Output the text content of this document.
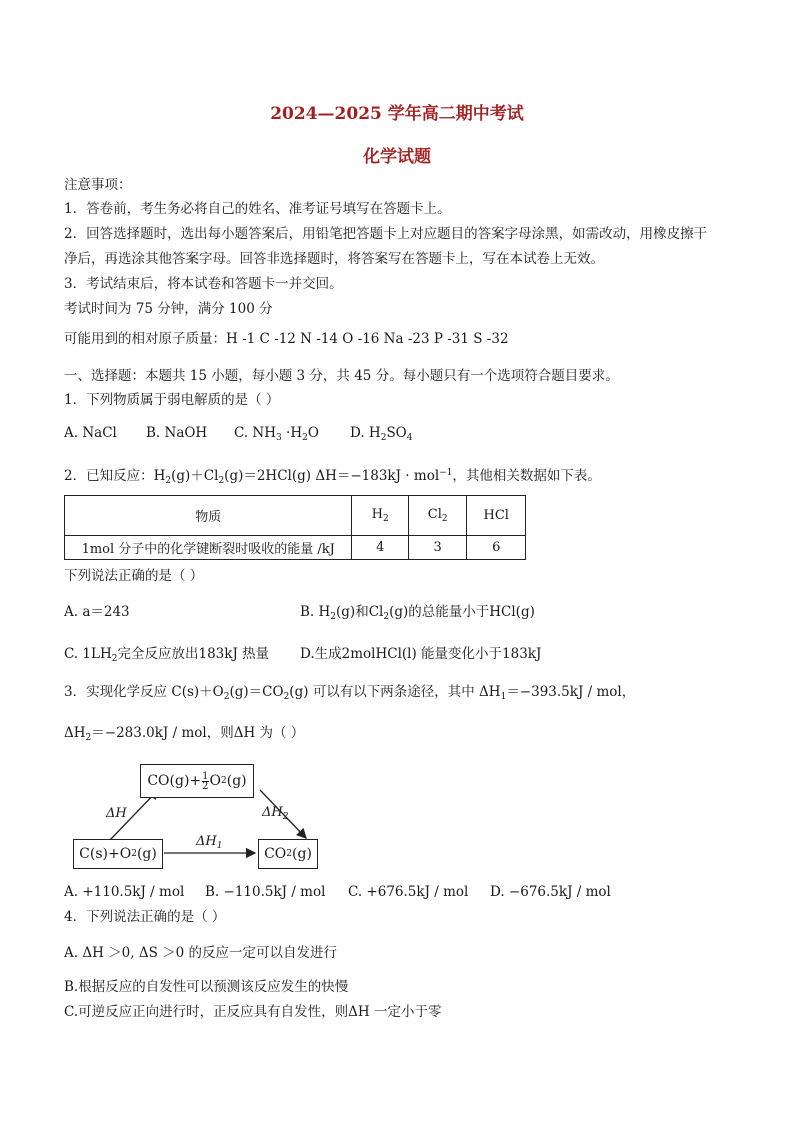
2024—2025 学年高二期中考试
化学试题
注意事项：
1．答卷前，考生务必将自己的姓名、准考证号填写在答题卡上。
2．回答选择题时，选出每小题答案后，用铅笔把答题卡上对应题目的答案字母涂黑，如需改动，用橡皮擦干
净后，再选涂其他答案字母。回答非选择题时，将答案写在答题卡上，写在本试卷上无效。
3．考试结束后，将本试卷和答题卡一并交回。
考试时间为 75 分钟，满分 100 分
可能用到的相对原子质量：H -1 C -12 N -14 O -16 Na -23 P -31 S -32
一、选择题：本题共 15 小题，每小题 3 分，共 45 分。每小题只有一个选项符合题目要求。
1．下列物质属于弱电解质的是（ ）
A. NaCl B. NaOH C. $NH_3 \cdot H_2O$ D. $H_2SO_4$
2．已知反应：$H_2(g)+Cl_2(g)=2HCl(g) \Delta H=-183kJ \cdot mol^{-1}$，其他相关数据如下表。
物质	$H_2$	$Cl_2$	HCl
1mol 分子中的化学键断裂时吸收的能量 /kJ	4	3	6
下列说法正确的是（ ）
A. a＝243	B. $H_2(g)$和$Cl_2(g)$的总能量小于HCl(g)
C. $1LH_2$完全反应放出183kJ 热量 D.生成2molHCl(l) 能量变化小于183kJ
3．实现化学反应 $C(s)+O_2(g)=CO_2(g)$ 可以有以下两条途径，其中 $\Delta H_1=-393.5kJ$ / mol，
$\Delta H_2=-283.0kJ$ / mol，则ΔH 为（ ）
$CO(g)+ \frac{1}{2}$ O 2 (g)
C(s)+O 2 (g)	CO 2 (g)
ΔH
$\Delta H_1$
$\Delta H_2$
A. +110.5kJ / mol B. −110.5kJ / mol C. +676.5kJ / mol D. −676.5kJ / mol
4．下列说法正确的是（ ）
A. ΔH ＞0, ΔS ＞0 的反应一定可以自发进行
B.根据反应的自发性可以预测该反应发生的快慢
C.可逆反应正向进行时，正反应具有自发性，则ΔH 一定小于零
